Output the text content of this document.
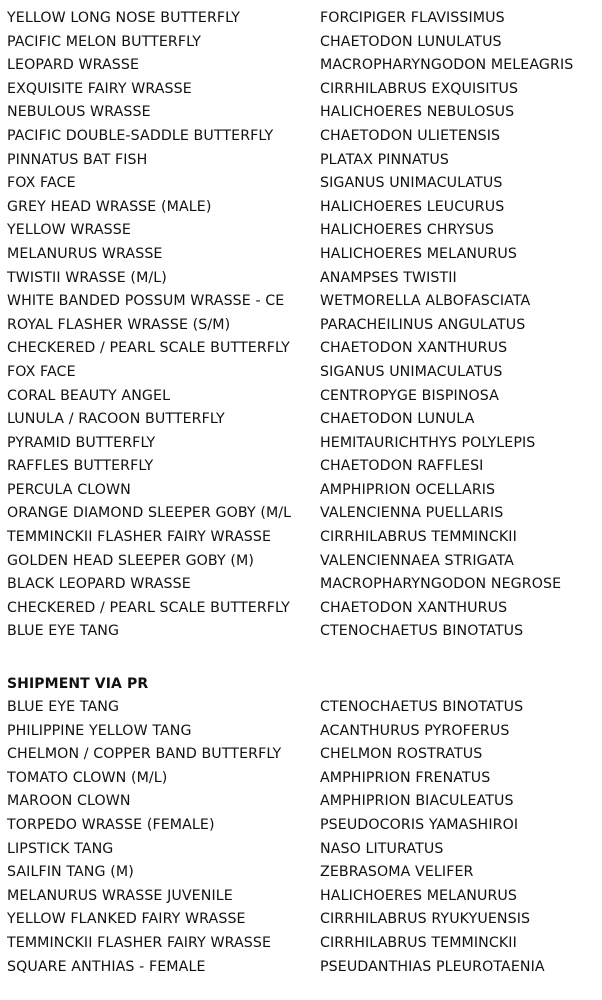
YELLOW LONG NOSE BUTTERFLY	FORCIPIGER FLAVISSIMUS
PACIFIC MELON BUTTERFLY	CHAETODON LUNULATUS
LEOPARD WRASSE	MACROPHARYNGODON MELEAGRIS
EXQUISITE FAIRY WRASSE	CIRRHILABRUS EXQUISITUS
NEBULOUS WRASSE	HALICHOERES NEBULOSUS
PACIFIC DOUBLE-SADDLE BUTTERFLY	CHAETODON ULIETENSIS
PINNATUS BAT FISH	PLATAX PINNATUS
FOX FACE	SIGANUS UNIMACULATUS
GREY HEAD WRASSE (MALE)	HALICHOERES LEUCURUS
YELLOW WRASSE	HALICHOERES CHRYSUS
MELANURUS WRASSE	HALICHOERES MELANURUS
TWISTII WRASSE (M/L)	ANAMPSES TWISTII
WHITE BANDED POSSUM WRASSE - CE	WETMORELLA ALBOFASCIATA
ROYAL FLASHER WRASSE (S/M)	PARACHEILINUS ANGULATUS
CHECKERED / PEARL SCALE BUTTERFLY	CHAETODON XANTHURUS
FOX FACE	SIGANUS UNIMACULATUS
CORAL BEAUTY ANGEL	CENTROPYGE BISPINOSA
LUNULA / RACOON BUTTERFLY	CHAETODON LUNULA
PYRAMID BUTTERFLY	HEMITAURICHTHYS POLYLEPIS
RAFFLES BUTTERFLY	CHAETODON RAFFLESI
PERCULA CLOWN	AMPHIPRION OCELLARIS
ORANGE DIAMOND SLEEPER GOBY (M/L	VALENCIENNA PUELLARIS
TEMMINCKII FLASHER FAIRY WRASSE	CIRRHILABRUS TEMMINCKII
GOLDEN HEAD SLEEPER GOBY (M)	VALENCIENNAEA STRIGATA
BLACK LEOPARD WRASSE	MACROPHARYNGODON NEGROSE
CHECKERED / PEARL SCALE BUTTERFLY	CHAETODON XANTHURUS
BLUE EYE TANG	CTENOCHAETUS BINOTATUS
SHIPMENT VIA PR
BLUE EYE TANG	CTENOCHAETUS BINOTATUS
PHILIPPINE YELLOW TANG	ACANTHURUS PYROFERUS
CHELMON / COPPER BAND BUTTERFLY	CHELMON ROSTRATUS
TOMATO CLOWN (M/L)	AMPHIPRION FRENATUS
MAROON CLOWN	AMPHIPRION BIACULEATUS
TORPEDO WRASSE (FEMALE)	PSEUDOCORIS YAMASHIROI
LIPSTICK TANG	NASO LITURATUS
SAILFIN TANG (M)	ZEBRASOMA VELIFER
MELANURUS WRASSE JUVENILE	HALICHOERES MELANURUS
YELLOW FLANKED FAIRY WRASSE	CIRRHILABRUS RYUKYUENSIS
TEMMINCKII FLASHER FAIRY WRASSE	CIRRHILABRUS TEMMINCKII
SQUARE ANTHIAS - FEMALE	PSEUDANTHIAS PLEUROTAENIA
